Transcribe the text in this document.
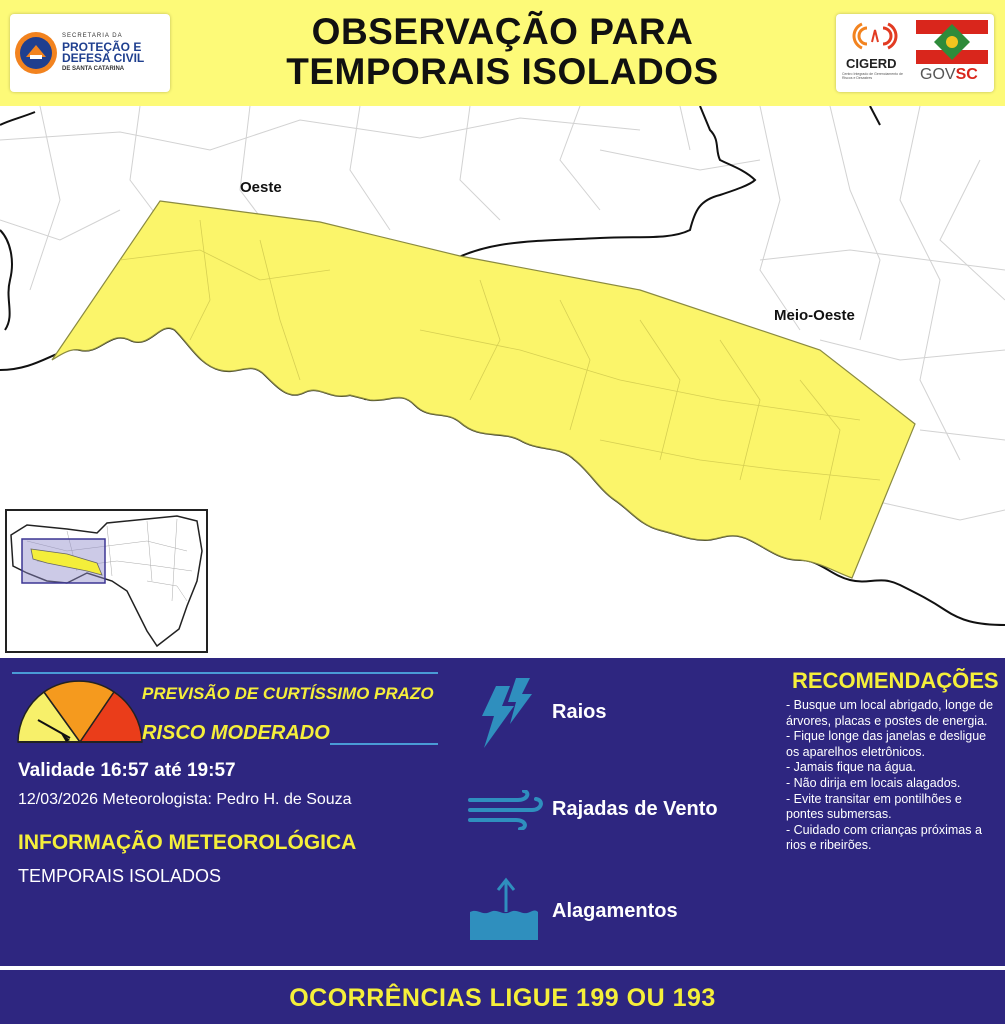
SECRETARIA DA
PROTEÇÃO E
DEFESA CIVIL
DE SANTA CATARINA
OBSERVAÇÃO PARA
TEMPORAIS ISOLADOS	CIGERD
Centro Integrado de Gerenciamento de Riscos e Desastres	GOVSC
Oeste
Meio-Oeste
PREVISÃO DE CURTÍSSIMO PRAZO
RISCO MODERADO
Validade 16:57 até 19:57
12/03/2026 Meteorologista: Pedro H. de Souza
INFORMAÇÃO METEOROLÓGICA
TEMPORAIS ISOLADOS
Raios
Rajadas de Vento
Alagamentos
RECOMENDAÇÕES
- Busque um local abrigado, longe de árvores, placas e postes de energia.
- Fique longe das janelas e desligue os aparelhos eletrônicos.
- Jamais fique na água.
- Não dirija em locais alagados.
- Evite transitar em pontilhões e pontes submersas.
- Cuidado com crianças próximas a rios e ribeirões.
OCORRÊNCIAS LIGUE 199 OU 193
